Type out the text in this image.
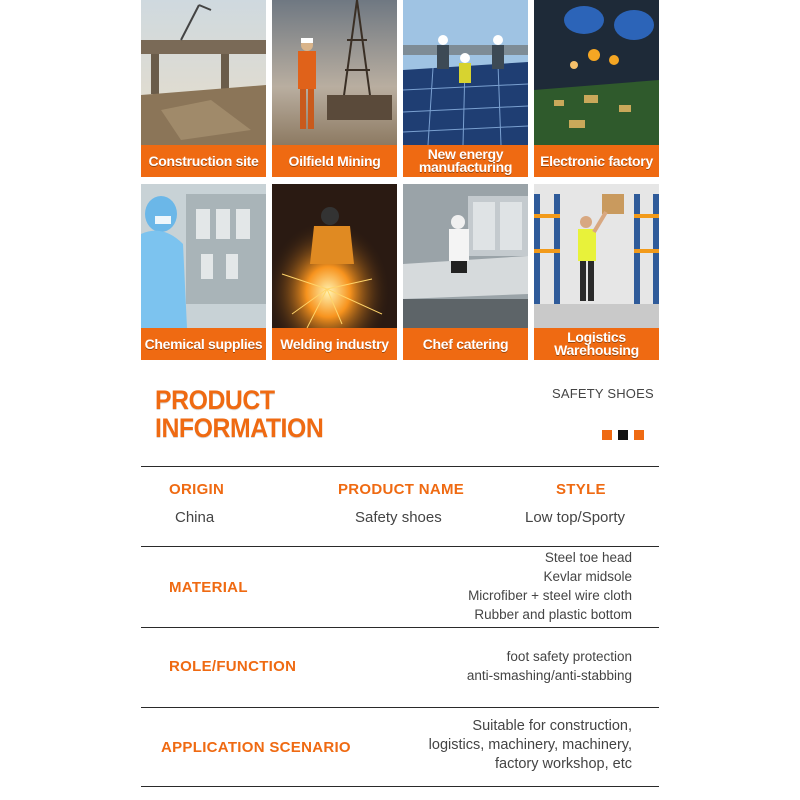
Construction site	Oilfield Mining	New energy
manufacturing	Electronic factory
Chemical supplies	Welding industry	Chef catering	Logistics
Warehousing
PRODUCT
INFORMATION
SAFETY SHOES
ORIGIN	PRODUCT NAME	STYLE
China	Safety shoes	Low top/Sporty
MATERIAL
Steel toe head
Kevlar midsole
Microfiber + steel wire cloth
Rubber and plastic bottom
ROLE/FUNCTION
foot safety protection
anti-smashing/anti-stabbing
APPLICATION SCENARIO
Suitable for construction,
logistics, machinery, machinery,
factory workshop, etc
